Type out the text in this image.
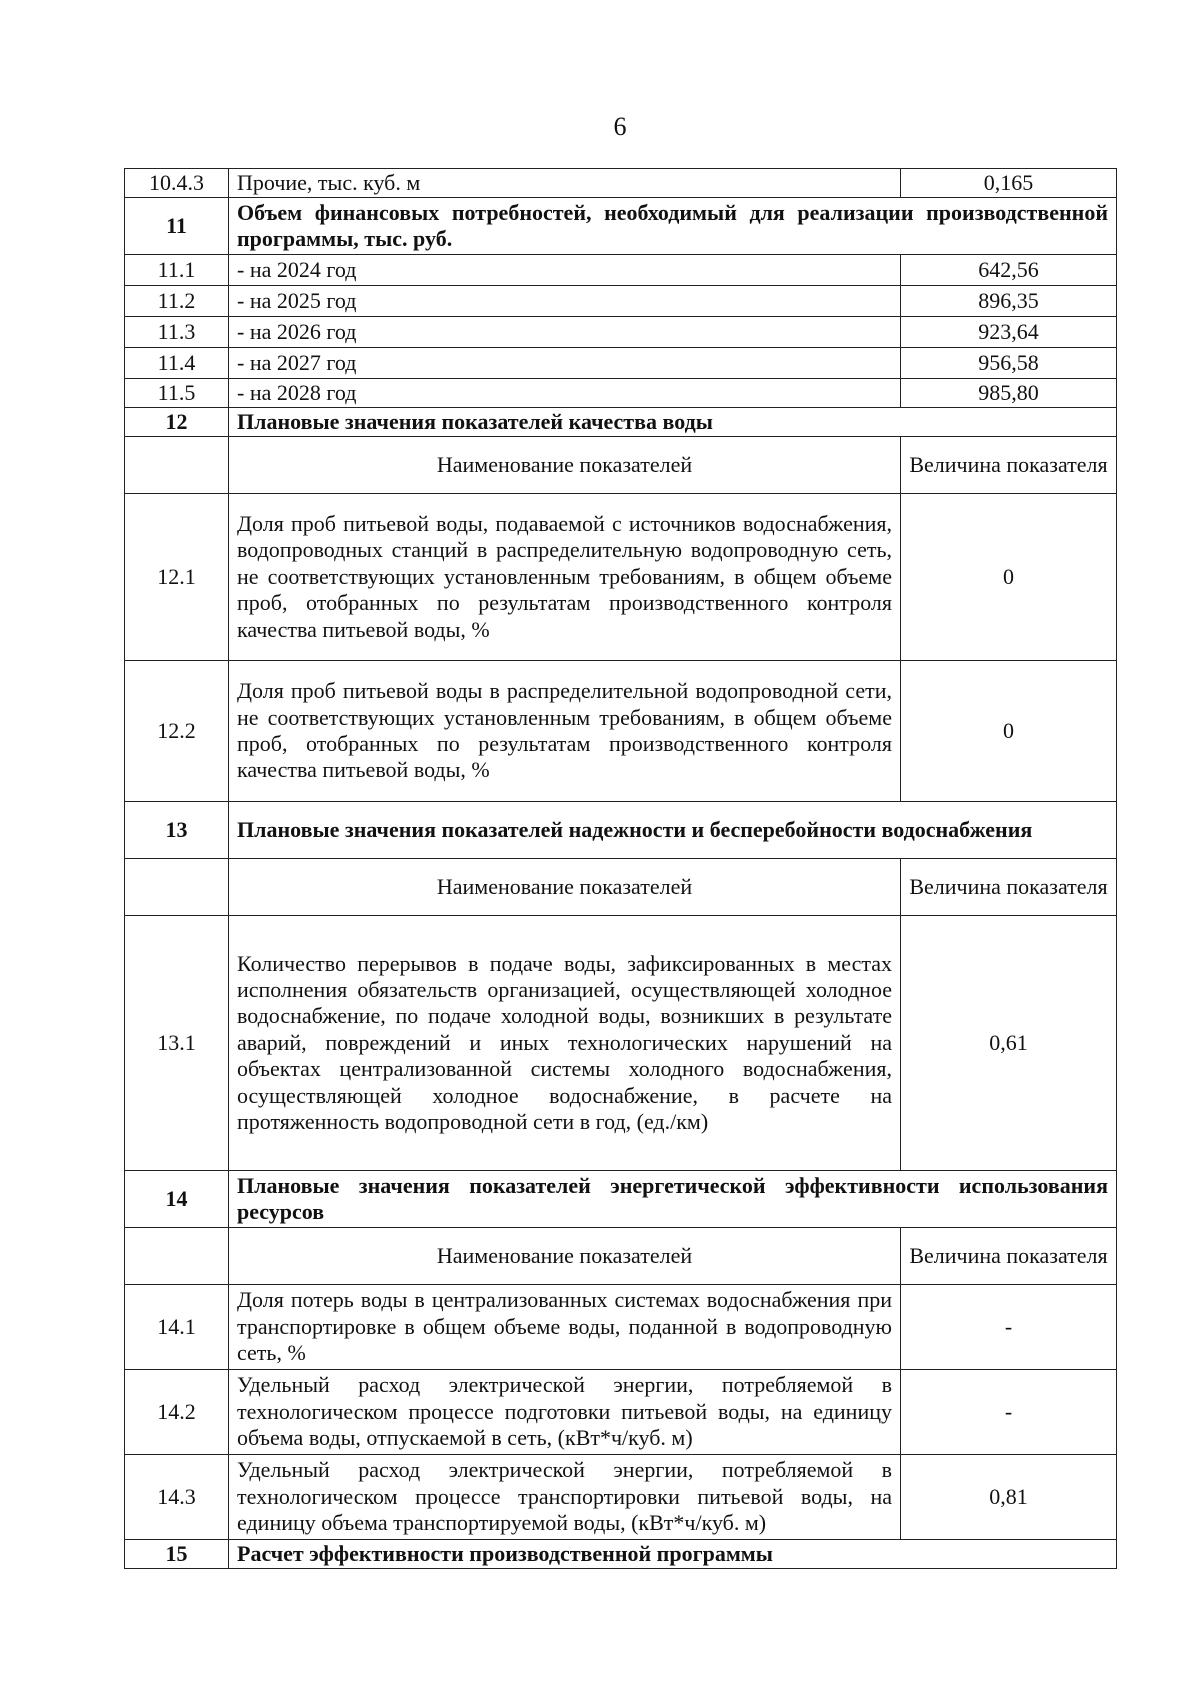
6
10.4.3	Прочие, тыс. куб. м	0,165
11	Объем финансовых потребностей, необходимый для реализации производственной программы, тыс. руб.	
11.1	- на 2024 год	642,56
11.2	- на 2025 год	896,35
11.3	- на 2026 год	923,64
11.4	- на 2027 год	956,58
11.5	- на 2028 год	985,80
12	Плановые значения показателей качества воды	
	Наименование показателей	Величина показателя
12.1	Доля проб питьевой воды, подаваемой с источников водоснабжения, водопроводных станций в распределительную водопроводную сеть, не соответствующих установленным требованиям, в общем объеме проб, отобранных по результатам производственного контроля качества питьевой воды, %	0
12.2	Доля проб питьевой воды в распределительной водопроводной сети, не соответствующих установленным требованиям, в общем объеме проб, отобранных по результатам производственного контроля качества питьевой воды, %	0
13	Плановые значения показателей надежности и бесперебойности водоснабжения	
	Наименование показателей	Величина показателя
13.1	Количество перерывов в подаче воды, зафиксированных в местах исполнения обязательств организацией, осуществляющей холодное водоснабжение, по подаче холодной воды, возникших в результате аварий, повреждений и иных технологических нарушений на объектах централизованной системы холодного водоснабжения, осуществляющей холодное водоснабжение, в расчете на протяженность водопроводной сети в год, (ед./км)	0,61
14	Плановые значения показателей энергетической эффективности использования ресурсов	
	Наименование показателей	Величина показателя
14.1	Доля потерь воды в централизованных системах водоснабжения при транспортировке в общем объеме воды, поданной в водопроводную сеть, %	-
14.2	Удельный расход электрической энергии, потребляемой в технологическом процессе подготовки питьевой воды, на единицу объема воды, отпускаемой в сеть, (кВт*ч/куб. м)	-
14.3	Удельный расход электрической энергии, потребляемой в технологическом процессе транспортировки питьевой воды, на единицу объема транспортируемой воды, (кВт*ч/куб. м)	0,81
15	Расчет эффективности производственной программы	
